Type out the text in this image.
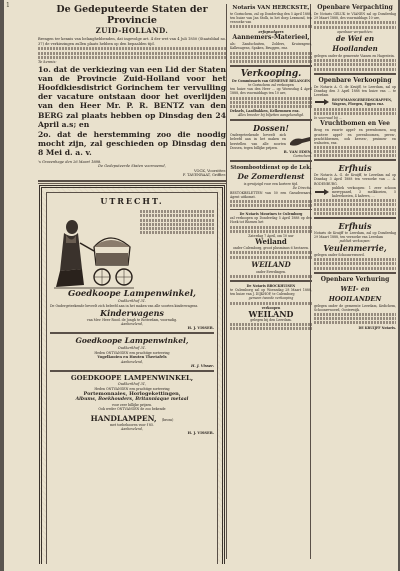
1	De Gedeputeerde Staten der Provincie
ZUID-HOLLAND.
Brengen ter kennis van belanghebbenden, dat ingevolge art. 4 der wet van 4 Juli 1850 (Staatsblad no. 37) de verkiezingen zullen plaats hebben op den bepaalden tijd.
Te kennis:
1o. dat de verkiezing van een Lid der Staten van de Provincie Zuid-Holland voor het Hoofdkiesdistrict Gorinchem ter vervulling der vacature ontstaan door het overlijden van den Heer Mr. P. R. BENTZ van den BERG zal plaats hebben op Dinsdag den 24 April a.s; en
2o. dat de herstemming zoo die noodig mocht zijn, zal geschieden op Dinsdag den 8 Mei d. a. v.
's Gravenhage den 26 Maart 1888.
De Gedeputeerde Staten voornoemd,
VOCK, Voorzitter.
F. TAVENRAAT, Griffier.
UTRECHT.
Goedkoope Lampenwinkel,
Oudkerkhof 31.
De Ondergeteekende beveelt zich beleefd aan in het maken van alle soorten kinderwagens.
Kinderwagens
van Mev. Heer Rood. de Jongh te Rotterdam, voorradig.
Aanbevelend,
H. J. VISSER.
Goedkoope Lampenwinkel,
Oudkerkhof 31.
Heden ONTVANGEN een prachtige sorteering
Vogelkooien en Houten Theetafels
Aanbevelend,
H. J. Visser.
GOEDKOOPE LAMPENWINKEL,
Oudkerkhof 31,
Heden ONTVANGEN een prachtige sorteering
Portemonnaies, Horlogekettingen,
Albums, Boekhouders, Britanniaque metaal
voor zeer billijke prijzen.
Ook weder ONTVANGEN de zoo bekende
HANDLAMPEN, (brons)
met toebehooren voor f 85.
Aanbevelend,
H. J. VISSER.
Notaris VAN HERCKSTE,
te Gorinchem, zal op Donderdag den 5 April 1888, ten huize van Jan Stolk, in het dorp Lexmond, ten verzoeke van
erfopvolgers
Aannemers-Materieel,
als: Zandschuiten, Zolders, Kruiwagens, Kalkwagens, Spaken, Bruggen, enz.
Verkooping.
De Commissaris van GEMEENE BELANGEN
te Gorinchem zal verkoopen
ten huize van den Heer ... op Woensdag 4 April 1888, des voormiddags ten 10 ure,
Deksels, Laadbakken, Kelkemmen enz.
Alles breeder bij biljetten aangekondigd.
Dossen!
Ondergeteekende beveelt zich beleefd aan in het maken en herstellen van alle soorten Dossen, tegen billijke prijzen.
R. VAN EDEN,
Gorinchem.
Stoombootdienst op de Lek.
De Zomerdienst
is gewijzigd voor een kortere tijd.
De Directie.
BESTOKBELETTEN van 50 een Garadewaard, Agent uitkomst.
De Notaris Mourines te Culemborg
zal verkoopen op Donderdag 5 April 1888 op den Hoek tot Rhenen het
Zaterdag 7 April, om 10 uur
Weiland
onder Culemborg, groot plusminus 6 hectaren.
WEILAND
onder Everdingen.
De Notaris BROCKHUISEN
te Culemborg zal op Woensdag 28 Maart 1888, ten huize van J. DIJKHOF, te Culemborg
gemeen tweede verkooping
verkoopen
WEILAND
gelegen bij den Leerdam.
Openbare Verpachting
De Notaris GELUK te VIANEN zal op Donderdag 29 Maart 1888, des voormiddags 10 ure,
openbaar verpachten:
de Wei en Hooilanden
gelegen onder de gemeente Vianen en Hagestein.
Openbare Verkooping
De Notaris A. G. de Kruijff, te Leerdam, zal op Dinsdag den 3 April 1888 ten huize van ... te Leerdam
BOUWMANSGEREEDSCHAPPEN, Wagens, Ploegen, Eggen enz.
In voorraad bij ...
Vruchtbomen en Vee
Brug en zwarte appel- en perenbomen, nog grootere appel- en perenboomen, peren-, prachtbloemen, ook kersen-, pruimen- en walnoten, enz.
Erfhuis
De Notaris A. G. de Kruijff, te Leerdam zal op Dinsdag 3 April 1888 ten verzoeke van ... A. RODENBURG.
publiek verkoopen: 1 zeer schoon merrypaard, 3 melkkoeien, 5 kalverkoeien, 4 kalvers, ...
Erfhuis
Notaris de Kruijff te Leerdam, zal op Donderdag 29 Maart 1888, ten verzoeke van Leerdam
publiek verkoopen:
Veulenmerrie,
gelegen onder Schoonrewoerd.
Openbare Verhuring
WEI- en HOOILANDEN
gelegen onder de gemeente Leerdam, Kedichem, Schoonrewoerd, Oosterwijk.
DE KRUIJFF Notaris.
